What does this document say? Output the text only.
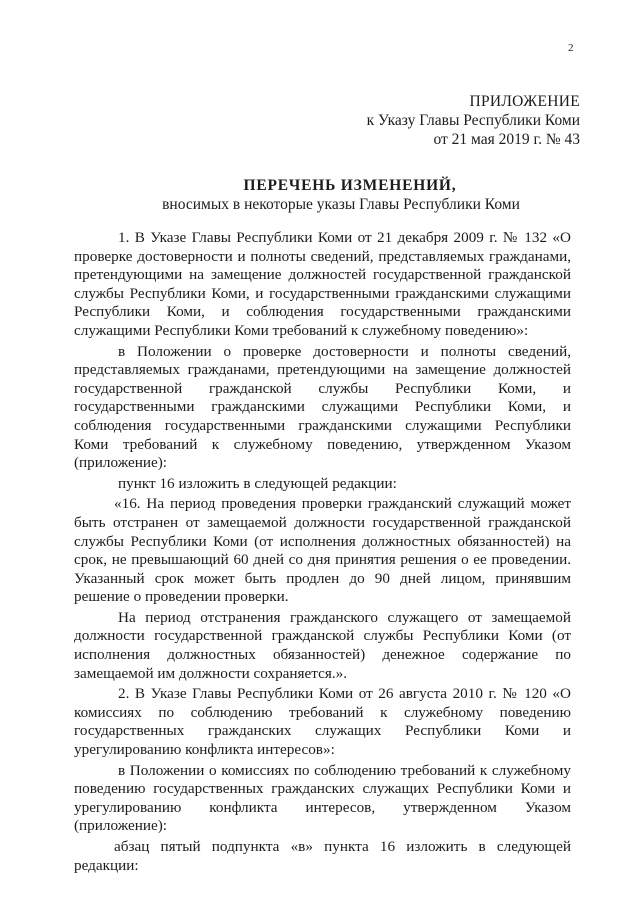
2
ПРИЛОЖЕНИЕ
к Указу Главы Республики Коми
от 21 мая 2019 г. № 43
ПЕРЕЧЕНЬ ИЗМЕНЕНИЙ,
вносимых в некоторые указы Главы Республики Коми

1. В Указе Главы Республики Коми от 21 декабря 2009 г. № 132 «О проверке достоверности и полноты сведений, представляемых гражданами, претендующими на замещение должностей государственной гражданской службы Республики Коми, и государственными гражданскими служащими Республики Коми, и соблюдения государственными гражданскими служащими Республики Коми требований к служебному поведению»:

в Положении о проверке достоверности и полноты сведений, представляемых гражданами, претендующими на замещение должностей государственной гражданской службы Республики Коми, и государственными гражданскими служащими Республики Коми, и соблюдения государственными гражданскими служащими Республики Коми требований к служебному поведению, утвержденном Указом (приложение):

пункт 16 изложить в следующей редакции:

«16. На период проведения проверки гражданский служащий может быть отстранен от замещаемой должности государственной гражданской службы Республики Коми (от исполнения должностных обязанностей) на срок, не превышающий 60 дней со дня принятия решения о ее проведении. Указанный срок может быть продлен до 90 дней лицом, принявшим решение о проведении проверки.

На период отстранения гражданского служащего от замещаемой должности государственной гражданской службы Республики Коми (от исполнения должностных обязанностей) денежное содержание по замещаемой им должности сохраняется.».

2. В Указе Главы Республики Коми от 26 августа 2010 г. № 120 «О комиссиях по соблюдению требований к служебному поведению государственных гражданских служащих Республики Коми и урегулированию конфликта интересов»:

в Положении о комиссиях по соблюдению требований к служебному поведению государственных гражданских служащих Республики Коми и урегулированию конфликта интересов, утвержденном Указом (приложение):

абзац пятый подпункта «в» пункта 16 изложить в следующей редакции:
